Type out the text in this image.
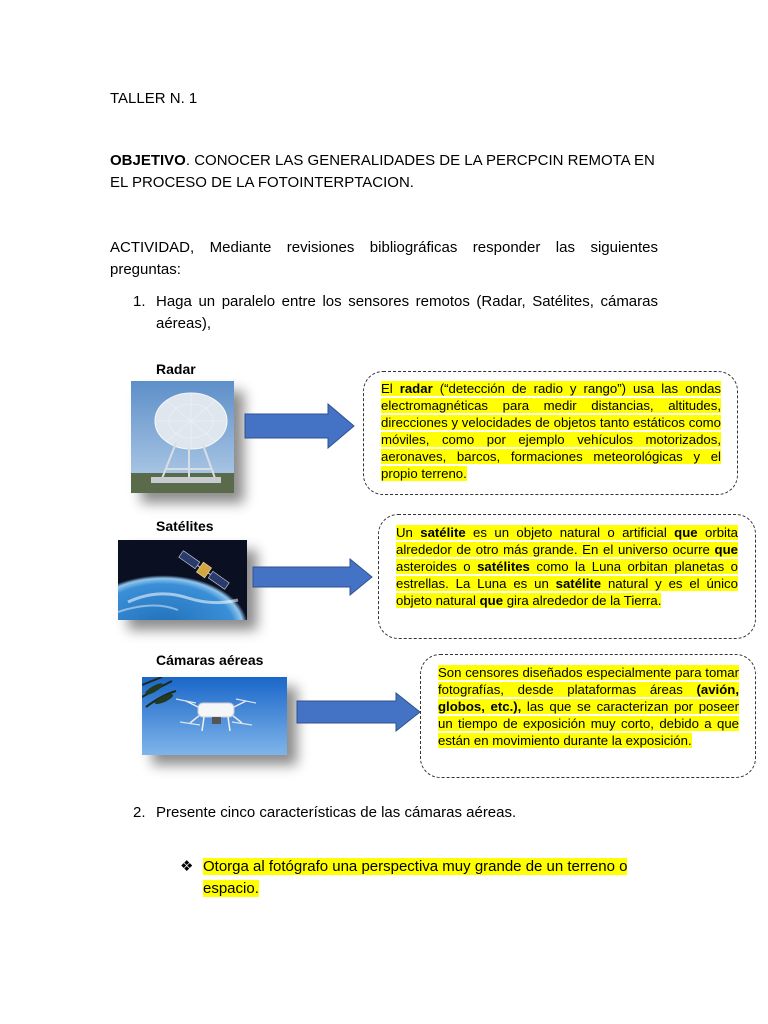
TALLER N. 1
OBJETIVO. CONOCER LAS GENERALIDADES DE LA PERCPCIN REMOTA EN EL PROCESO DE LA FOTOINTERPTACION.
ACTIVIDAD, Mediante revisiones bibliográficas responder las siguientes preguntas:
1. Haga un paralelo entre los sensores remotos (Radar, Satélites, cámaras aéreas),
Radar
El radar (“detección de radio y rango”) usa las ondas electromagnéticas para medir distancias, altitudes, direcciones y velocidades de objetos tanto estáticos como móviles, como por ejemplo vehículos motorizados, aeronaves, barcos, formaciones meteorológicas y el propio terreno.
Satélites	Un satélite es un objeto natural o artificial que orbita alrededor de otro más grande. En el universo ocurre que asteroides o satélites como la Luna orbitan planetas o estrellas. La Luna es un satélite natural y es el único objeto natural que gira alrededor de la Tierra.
Cámaras aéreas
Son censores diseñados especialmente para tomar fotografías, desde plataformas áreas (avión, globos, etc.), las que se caracterizan por poseer un tiempo de exposición muy corto, debido a que están en movimiento durante la exposición.
2. Presente cinco características de las cámaras aéreas.
❖ Otorga al fotógrafo una perspectiva muy grande de un terreno o espacio.
